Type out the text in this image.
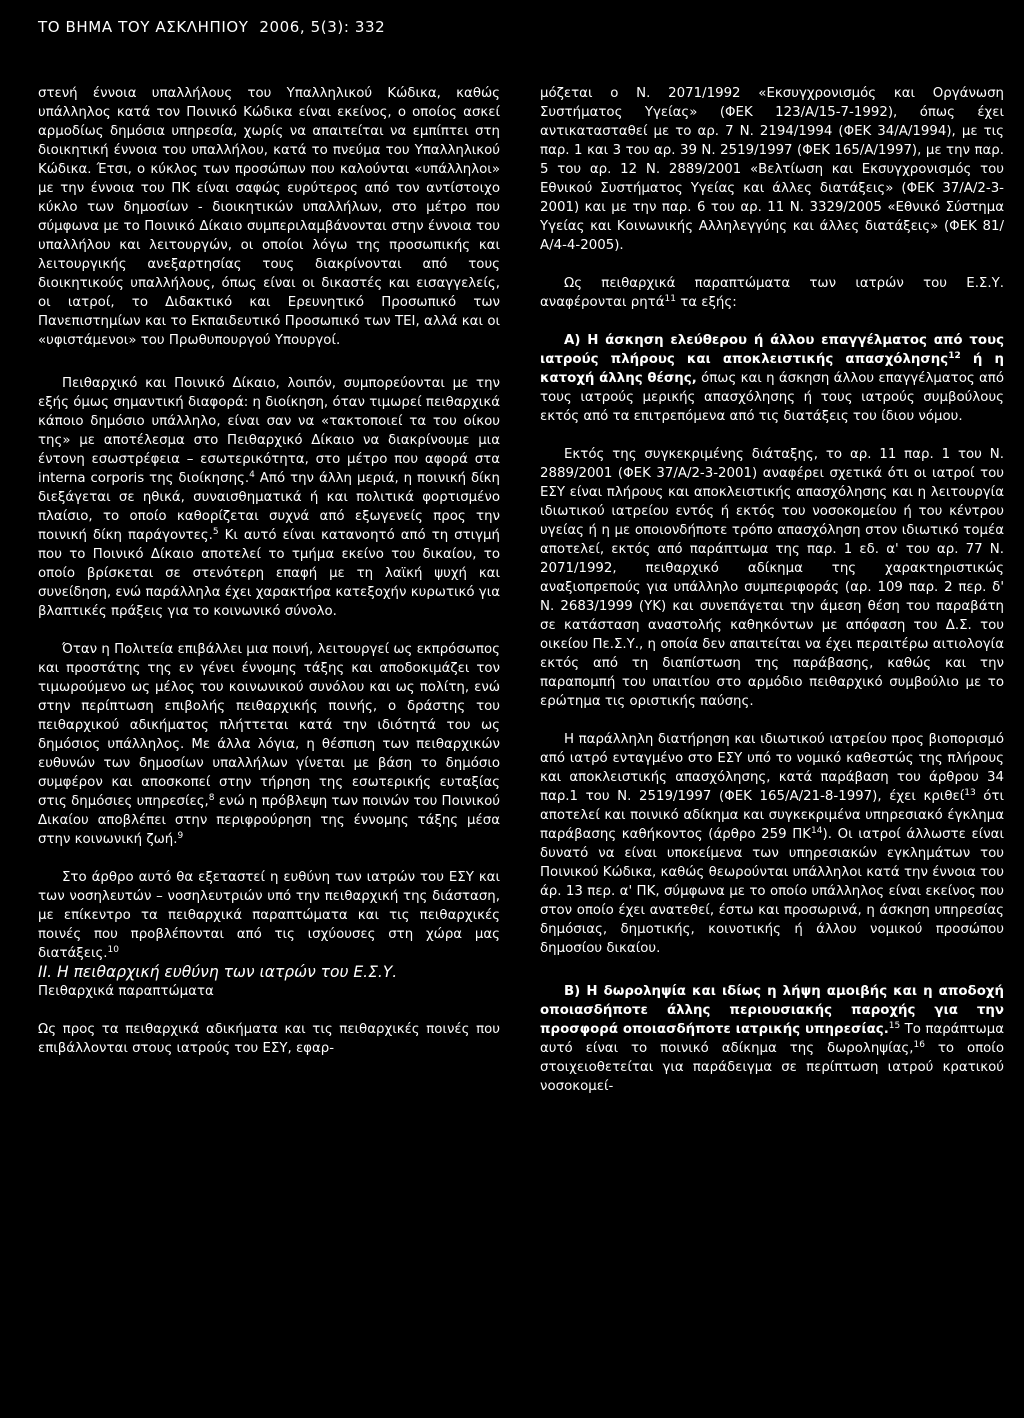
ΤΟ ΒΗΜΑ ΤΟΥ ΑΣΚΛΗΠΙΟΥ 2006, 5(3): 332

στενή έννοια υπαλλήλους του Υπαλληλικού Κώδικα, καθώς υπάλληλος κατά τον Ποινικό Κώδικα είναι εκείνος, ο οποίος ασκεί αρμοδίως δημόσια υπηρεσία, χωρίς να απαιτείται να εμπίπτει στη διοικητική έννοια του υπαλλήλου, κατά το πνεύμα του Υπαλληλικού Κώδικα. Έτσι, ο κύκλος των προσώπων που καλούνται «υπάλληλοι» με την έννοια του ΠΚ είναι σαφώς ευρύτερος από τον αντίστοιχο κύκλο των δημοσίων - διοικητικών υπαλλήλων, στο μέτρο που σύμφωνα με το Ποινικό Δίκαιο συμπεριλαμβάνονται στην έννοια του υπαλλήλου και λειτουργών, οι οποίοι λόγω της προσωπικής και λειτουργικής ανεξαρτησίας τους διακρίνονται από τους διοικητικούς υπαλλήλους, όπως είναι οι δικαστές και εισαγγελείς, οι ιατροί, το Διδακτικό και Ερευνητικό Προσωπικό των Πανεπιστημίων και το Εκπαιδευτικό Προσωπικό των ΤΕΙ, αλλά και οι «υφιστάμενοι» του Πρωθυπουργού Υπουργοί.

Πειθαρχικό και Ποινικό Δίκαιο, λοιπόν, συμπορεύονται με την εξής όμως σημαντική διαφορά: η διοίκηση, όταν τιμωρεί πειθαρχικά κάποιο δημόσιο υπάλληλο, είναι σαν να «τακτοποιεί τα του οίκου της» με αποτέλεσμα στο Πειθαρχικό Δίκαιο να διακρίνουμε μια έντονη εσωστρέφεια – εσωτερικότητα, στο μέτρο που αφορά στα interna corporis της διοίκησης.$^4$ Από την άλλη μεριά, η ποινική δίκη διεξάγεται σε ηθικά, συναισθηματικά ή και πολιτικά φορτισμένο πλαίσιο, το οποίο καθορίζεται συχνά από εξωγενείς προς την ποινική δίκη παράγοντες.$^5$ Κι αυτό είναι κατανοητό από τη στιγμή που το Ποινικό Δίκαιο αποτελεί το τμήμα εκείνο του δικαίου, το οποίο βρίσκεται σε στενότερη επαφή με τη λαϊκή ψυχή και συνείδηση, ενώ παράλληλα έχει χαρακτήρα κατεξοχήν κυρωτικό για βλαπτικές πράξεις για το κοινωνικό σύνολο.

Όταν η Πολιτεία επιβάλλει μια ποινή, λειτουργεί ως εκπρόσωπος και προστάτης της εν γένει έννομης τάξης και αποδοκιμάζει τον τιμωρούμενο ως μέλος του κοινωνικού συνόλου και ως πολίτη, ενώ στην περίπτωση επιβολής πειθαρχικής ποινής, ο δράστης του πειθαρχικού αδικήματος πλήττεται κατά την ιδιότητά του ως δημόσιος υπάλληλος. Με άλλα λόγια, η θέσπιση των πειθαρχικών ευθυνών των δημοσίων υπαλλήλων γίνεται με βάση το δημόσιο συμφέρον και αποσκοπεί στην τήρηση της εσωτερικής ευταξίας στις δημόσιες υπηρεσίες,$^8$ ενώ η πρόβλεψη των ποινών του Ποινικού Δικαίου αποβλέπει στην περιφρούρηση της έννομης τάξης μέσα στην κοινωνική ζωή.$^9$

Στο άρθρο αυτό θα εξεταστεί η ευθύνη των ιατρών του ΕΣΥ και των νοσηλευτών – νοσηλευτριών υπό την πειθαρχική της διάσταση, με επίκεντρο τα πειθαρχικά παραπτώματα και τις πειθαρχικές ποινές που προβλέπονται από τις ισχύουσες στη χώρα μας διατάξεις.$^{10}$

ΙΙ. Η πειθαρχική ευθύνη των ιατρών του Ε.Σ.Υ.

Πειθαρχικά παραπτώματα

Ως προς τα πειθαρχικά αδικήματα και τις πειθαρχικές ποινές που επιβάλλονται στους ιατρούς του ΕΣΥ, εφαρ-

μόζεται ο Ν. 2071/1992 «Εκσυγχρονισμός και Οργάνωση Συστήματος Υγείας» (ΦΕΚ 123/Α/15-7-1992), όπως έχει αντικατασταθεί με το αρ. 7 Ν. 2194/1994 (ΦΕΚ 34/Α/1994), με τις παρ. 1 και 3 του αρ. 39 Ν. 2519/1997 (ΦΕΚ 165/Α/1997), με την παρ. 5 του αρ. 12 Ν. 2889/2001 «Βελτίωση και Εκσυγχρονισμός του Εθνικού Συστήματος Υγείας και άλλες διατάξεις» (ΦΕΚ 37/Α/2-3-2001) και με την παρ. 6 του αρ. 11 Ν. 3329/2005 «Εθνικό Σύστημα Υγείας και Κοινωνικής Αλληλεγγύης και άλλες διατάξεις» (ΦΕΚ 81/Α/4-4-2005).

Ως πειθαρχικά παραπτώματα των ιατρών του Ε.Σ.Υ. αναφέρονται ρητά$^{11}$ τα εξής:

Α) Η άσκηση ελεύθερου ή άλλου επαγγέλματος από τους ιατρούς πλήρους και αποκλειστικής απασχόλησης$^{12}$ ή η κατοχή άλλης θέσης, όπως και η άσκηση άλλου επαγγέλματος από τους ιατρούς μερικής απασχόλησης ή τους ιατρούς συμβούλους εκτός από τα επιτρεπόμενα από τις διατάξεις του ίδιου νόμου.

Εκτός της συγκεκριμένης διάταξης, το αρ. 11 παρ. 1 του Ν. 2889/2001 (ΦΕΚ 37/Α/2-3-2001) αναφέρει σχετικά ότι οι ιατροί του ΕΣΥ είναι πλήρους και αποκλειστικής απασχόλησης και η λειτουργία ιδιωτικού ιατρείου εντός ή εκτός του νοσοκομείου ή του κέντρου υγείας ή η με οποιονδήποτε τρόπο απασχόληση στον ιδιωτικό τομέα αποτελεί, εκτός από παράπτωμα της παρ. 1 εδ. α' του αρ. 77 Ν. 2071/1992, πειθαρχικό αδίκημα της χαρακτηριστικώς αναξιοπρεπούς για υπάλληλο συμπεριφοράς (αρ. 109 παρ. 2 περ. δ' Ν. 2683/1999 (ΥΚ) και συνεπάγεται την άμεση θέση του παραβάτη σε κατάσταση αναστολής καθηκόντων με απόφαση του Δ.Σ. του οικείου Πε.Σ.Υ., η οποία δεν απαιτείται να έχει περαιτέρω αιτιολογία εκτός από τη διαπίστωση της παράβασης, καθώς και την παραπομπή του υπαιτίου στο αρμόδιο πειθαρχικό συμβούλιο με το ερώτημα τις οριστικής παύσης.

Η παράλληλη διατήρηση και ιδιωτικού ιατρείου προς βιοπορισμό από ιατρό ενταγμένο στο ΕΣΥ υπό το νομικό καθεστώς της πλήρους και αποκλειστικής απασχόλησης, κατά παράβαση του άρθρου 34 παρ.1 του Ν. 2519/1997 (ΦΕΚ 165/Α/21-8-1997), έχει κριθεί$^{13}$ ότι αποτελεί και ποινικό αδίκημα και συγκεκριμένα υπηρεσιακό έγκλημα παράβασης καθήκοντος (άρθρο 259 ΠΚ$^{14}$). Οι ιατροί άλλωστε είναι δυνατό να είναι υποκείμενα των υπηρεσιακών εγκλημάτων του Ποινικού Κώδικα, καθώς θεωρούνται υπάλληλοι κατά την έννοια του άρ. 13 περ. α' ΠΚ, σύμφωνα με το οποίο υπάλληλος είναι εκείνος που στον οποίο έχει ανατεθεί, έστω και προσωρινά, η άσκηση υπηρεσίας δημόσιας, δημοτικής, κοινοτικής ή άλλου νομικού προσώπου δημοσίου δικαίου.

Β) Η δωροληψία και ιδίως η λήψη αμοιβής και η αποδοχή οποιασδήποτε άλλης περιουσιακής παροχής για την προσφορά οποιασδήποτε ιατρικής υπηρεσίας.$^{15}$ Το παράπτωμα αυτό είναι το ποινικό αδίκημα της δωροληψίας,$^{16}$ το οποίο στοιχειοθετείται για παράδειγμα σε περίπτωση ιατρού κρατικού νοσοκομεί-
